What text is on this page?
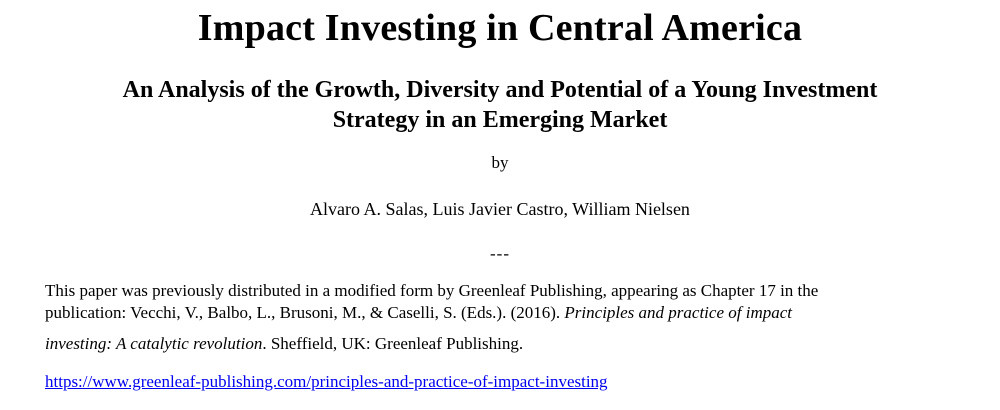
Impact Investing in Central America
An Analysis of the Growth, Diversity and Potential of a Young Investment
Strategy in an Emerging Market

by

Alvaro A. Salas, Luis Javier Castro, William Nielsen

---

This paper was previously distributed in a modified form by Greenleaf Publishing, appearing as Chapter 17 in the

publication: Vecchi, V., Balbo, L., Brusoni, M., & Caselli, S. (Eds.). (2016). Principles and practice of impact

investing: A catalytic revolution. Sheffield, UK: Greenleaf Publishing.

https://www.greenleaf-publishing.com/principles-and-practice-of-impact-investing
